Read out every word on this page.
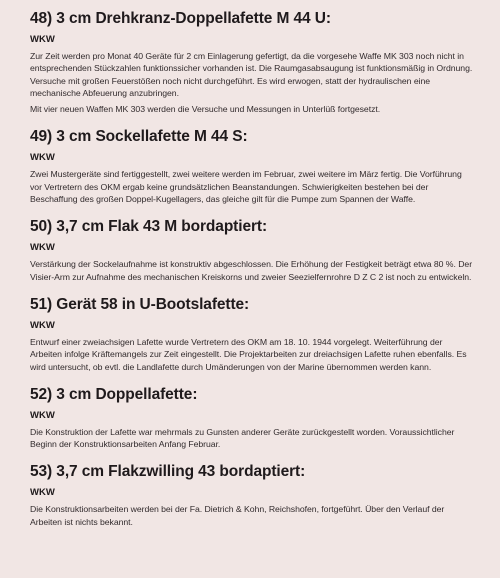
48) 3 cm Drehkranz-Doppellafette M 44 U:
WKW

Zur Zeit werden pro Monat 40 Geräte für 2 cm Einlagerung gefertigt, da die vorgesehe Waffe MK 303 noch nicht in entsprechenden Stückzahlen funktionssicher vorhanden ist. Die Raumgasabsaugung ist funktionsmäßig in Ordnung. Versuche mit großen Feuerstößen noch nicht durchgeführt. Es wird erwogen, statt der hydraulischen eine mechanische Abfeuerung anzubringen.

Mit vier neuen Waffen MK 303 werden die Versuche und Messungen in Unterlüß fortgesetzt.

49) 3 cm Sockellafette M 44 S:
WKW

Zwei Mustergeräte sind fertiggestellt, zwei weitere werden im Februar, zwei weitere im März fertig. Die Vorführung vor Vertretern des OKM ergab keine grundsätzlichen Beanstandungen. Schwierigkeiten bestehen bei der Beschaffung des großen Doppel-Kugellagers, das gleiche gilt für die Pumpe zum Spannen der Waffe.

50) 3,7 cm Flak 43 M bordaptiert:
WKW

Verstärkung der Sockelaufnahme ist konstruktiv abgeschlossen. Die Erhöhung der Festigkeit beträgt etwa 80 %. Der Visier-Arm zur Aufnahme des mechanischen Kreiskorns und zweier Seezielfernrohre D Z C 2 ist noch zu entwickeln.

51) Gerät 58 in U-Bootslafette:
WKW

Entwurf einer zweiachsigen Lafette wurde Vertretern des OKM am 18. 10. 1944 vorgelegt. Weiterführung der Arbeiten infolge Kräftemangels zur Zeit eingestellt. Die Projektarbeiten zur dreiachsigen Lafette ruhen ebenfalls. Es wird untersucht, ob evtl. die Landlafette durch Umänderungen von der Marine übernommen werden kann.

52) 3 cm Doppellafette:
WKW

Die Konstruktion der Lafette war mehrmals zu Gunsten anderer Geräte zurückgestellt worden. Voraussichtlicher Beginn der Konstruktionsarbeiten Anfang Februar.

53) 3,7 cm Flakzwilling 43 bordaptiert:
WKW

Die Konstruktionsarbeiten werden bei der Fa. Dietrich & Kohn, Reichshofen, fortgeführt. Über den Verlauf der Arbeiten ist nichts bekannt.
